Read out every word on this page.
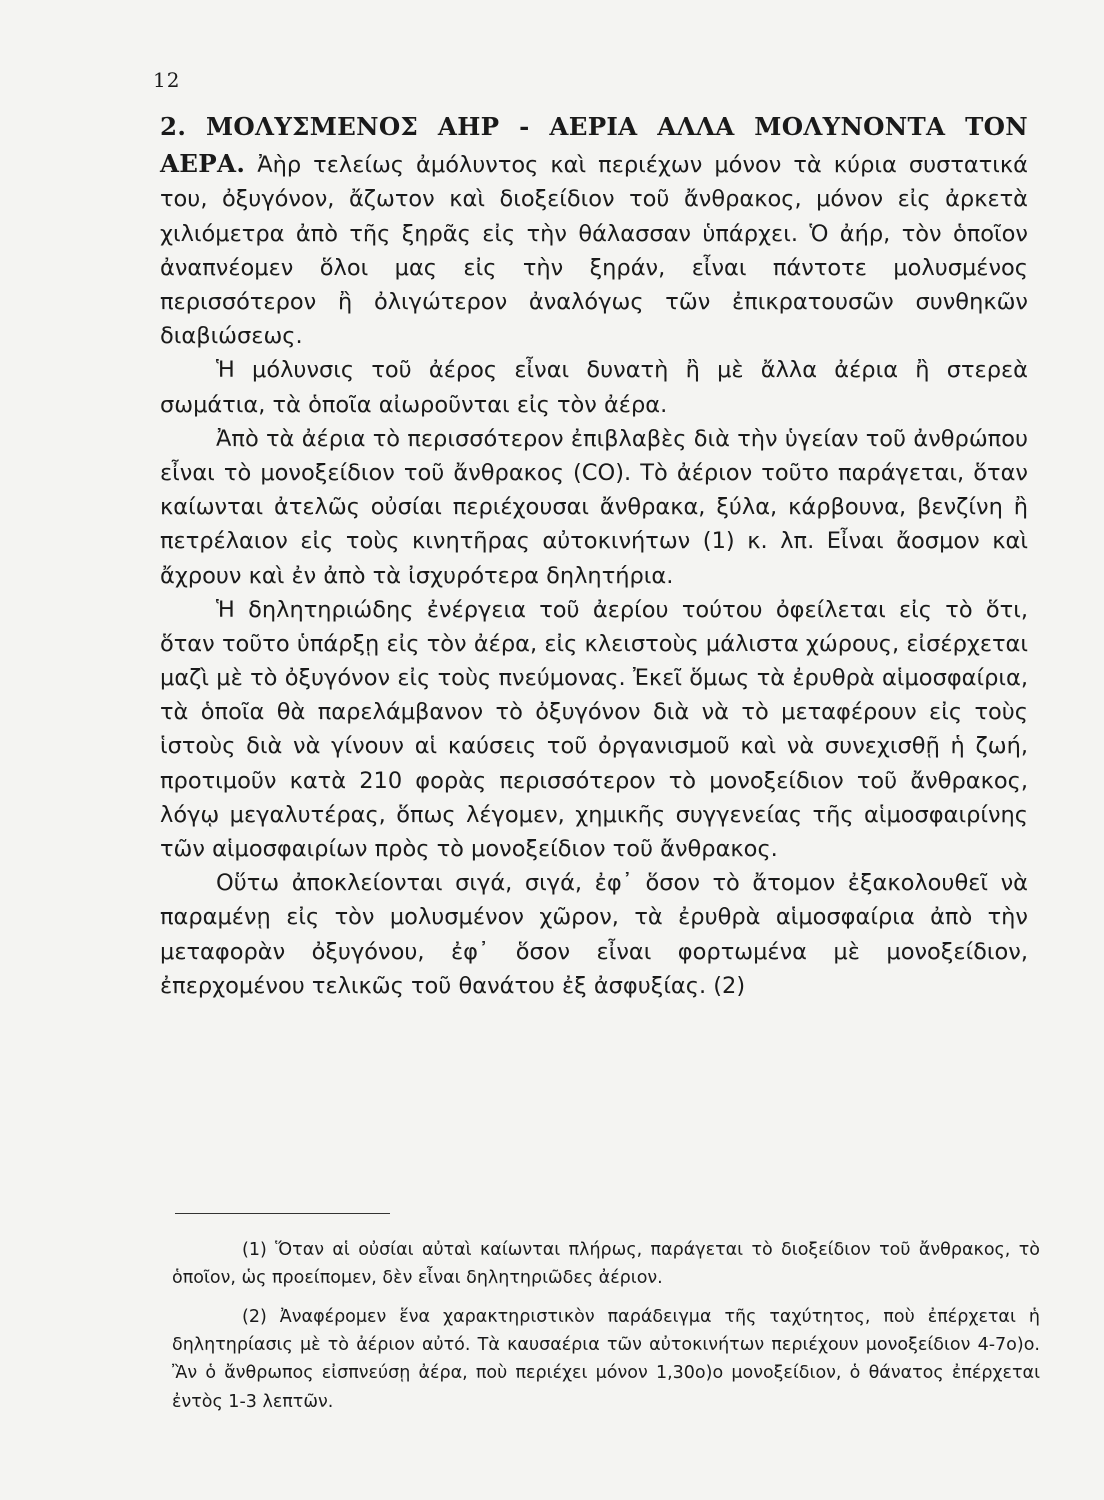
12

2. ΜΟΛΥΣΜΕΝΟΣ ΑΗΡ - ΑΕΡΙΑ ΑΛΛΑ ΜΟΛΥΝΟΝΤΑ ΤΟΝ ΑΕΡΑ. Ἀὴρ τελείως ἀμόλυντος καὶ περιέχων μόνον τὰ κύρια συστατικά του, ὀξυγόνον, ἄζωτον καὶ διοξείδιον τοῦ ἄνθρακος, μόνον εἰς ἀρκετὰ χιλιόμετρα ἀπὸ τῆς ξηρᾶς εἰς τὴν θάλασσαν ὑπάρχει. Ὁ ἀήρ, τὸν ὁποῖον ἀναπνέομεν ὅλοι μας εἰς τὴν ξηράν, εἶναι πάντοτε μολυσμένος περισσότερον ἢ ὀλιγώτερον ἀναλόγως τῶν ἐπικρατουσῶν συνθηκῶν διαβιώσεως.

Ἡ μόλυνσις τοῦ ἀέρος εἶναι δυνατὴ ἢ μὲ ἄλλα ἀέρια ἢ στερεὰ σωμάτια, τὰ ὁποῖα αἰωροῦνται εἰς τὸν ἀέρα.

Ἀπὸ τὰ ἀέρια τὸ περισσότερον ἐπιβλαβὲς διὰ τὴν ὑγείαν τοῦ ἀνθρώπου εἶναι τὸ μονοξείδιον τοῦ ἄνθρακος (CO). Τὸ ἀέριον τοῦτο παράγεται, ὅταν καίωνται ἀτελῶς οὐσίαι περιέχουσαι ἄνθρακα, ξύλα, κάρβουνα, βενζίνη ἢ πετρέλαιον εἰς τοὺς κινητῆρας αὐτοκινήτων (1) κ. λπ. Εἶναι ἄοσμον καὶ ἄχρουν καὶ ἐν ἀπὸ τὰ ἰσχυρότερα δηλητήρια.

Ἡ δηλητηριώδης ἐνέργεια τοῦ ἀερίου τούτου ὀφείλεται εἰς τὸ ὅτι, ὅταν τοῦτο ὑπάρξῃ εἰς τὸν ἀέρα, εἰς κλειστοὺς μάλιστα χώρους, εἰσέρχεται μαζὶ μὲ τὸ ὀξυγόνον εἰς τοὺς πνεύμονας. Ἐκεῖ ὅμως τὰ ἐρυθρὰ αἱμοσφαίρια, τὰ ὁποῖα θὰ παρελάμβανον τὸ ὀξυγόνον διὰ νὰ τὸ μεταφέρουν εἰς τοὺς ἱστοὺς διὰ νὰ γίνουν αἱ καύσεις τοῦ ὀργανισμοῦ καὶ νὰ συνεχισθῇ ἡ ζωή, προτιμοῦν κατὰ 210 φορὰς περισσότερον τὸ μονοξείδιον τοῦ ἄνθρακος, λόγῳ μεγαλυτέρας, ὅπως λέγομεν, χημικῆς συγγενείας τῆς αἱμοσφαιρίνης τῶν αἱμοσφαιρίων πρὸς τὸ μονοξείδιον τοῦ ἄνθρακος.

Οὕτω ἀποκλείονται σιγά, σιγά, ἐφ᾽ ὅσον τὸ ἄτομον ἐξακολουθεῖ νὰ παραμένῃ εἰς τὸν μολυσμένον χῶρον, τὰ ἐρυθρὰ αἱμοσφαίρια ἀπὸ τὴν μεταφορὰν ὀξυγόνου, ἐφ᾽ ὅσον εἶναι φορτωμένα μὲ μονοξείδιον, ἐπερχομένου τελικῶς τοῦ θανάτου ἐξ ἀσφυξίας. (2)

(1) Ὅταν αἱ οὐσίαι αὐταὶ καίωνται πλήρως, παράγεται τὸ διοξείδιον τοῦ ἄνθρακος, τὸ ὁποῖον, ὡς προείπομεν, δὲν εἶναι δηλητηριῶδες ἀέριον.

(2) Ἀναφέρομεν ἕνα χαρακτηριστικὸν παράδειγμα τῆς ταχύτητος, ποὺ ἐπέρχεται ἡ δηλητηρίασις μὲ τὸ ἀέριον αὐτό. Τὰ καυσαέρια τῶν αὐτοκινήτων περιέχουν μονοξείδιον 4-7ο)ο. Ἂν ὁ ἄνθρωπος εἰσπνεύσῃ ἀέρα, ποὺ περιέχει μόνον 1,30ο)ο μονοξείδιον, ὁ θάνατος ἐπέρχεται ἐντὸς 1-3 λεπτῶν.
